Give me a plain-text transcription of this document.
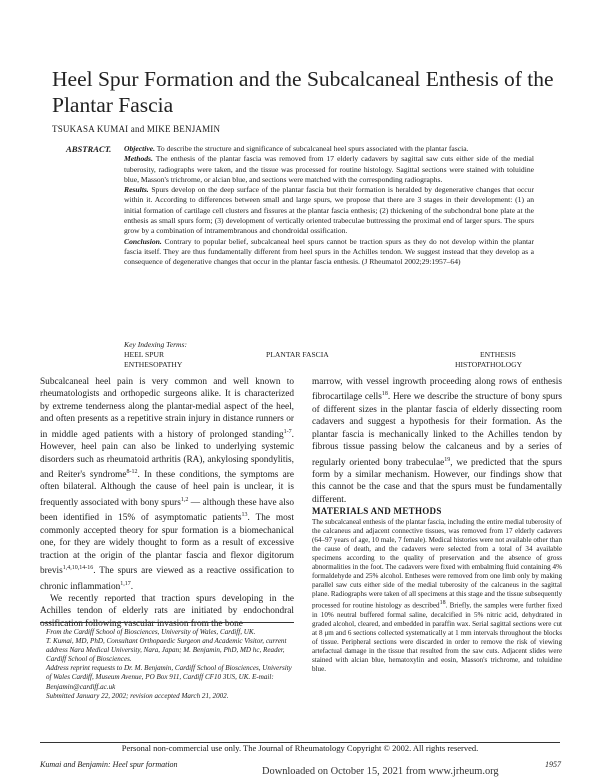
Heel Spur Formation and the Subcalcaneal Enthesis of the Plantar Fascia
TSUKASA KUMAI and MIKE BENJAMIN
ABSTRACT. Objective. To describe the structure and significance of subcalcaneal heel spurs associated with the plantar fascia.

Methods. The enthesis of the plantar fascia was removed from 17 elderly cadavers by sagittal saw cuts either side of the medial tuberosity, radiographs were taken, and the tissue was processed for routine histology. Sagittal sections were stained with toluidine blue, Masson's trichrome, or alcian blue, and sections were matched with the corresponding radiographs.

Results. Spurs develop on the deep surface of the plantar fascia but their formation is heralded by degenerative changes that occur within it. According to differences between small and large spurs, we propose that there are 3 stages in their development: (1) an initial formation of cartilage cell clusters and fissures at the plantar fascia enthesis; (2) thickening of the subchondral bone plate at the enthesis as small spurs form; (3) development of vertically oriented trabeculae buttressing the proximal end of larger spurs. The spurs grow by a combination of intramembranous and chondroidal ossification.

Conclusion. Contrary to popular belief, subcalcaneal heel spurs cannot be traction spurs as they do not develop within the plantar fascia itself. They are thus fundamentally different from heel spurs in the Achilles tendon. We suggest instead that they develop as a consequence of degenerative changes that occur in the plantar fascia enthesis. (J Rheumatol 2002;29:1957–64)

Key Indexing Terms:
HEEL SPUR	PLANTAR FASCIA	ENTHESIS
ENTHESOPATHY	HISTOPATHOLOGY

Subcalcaneal heel pain is very common and well known to rheumatologists and orthopedic surgeons alike. It is characterized by extreme tenderness along the plantar-medial aspect of the heel, and often presents as a repetitive strain injury in distance runners or in middle aged patients with a history of prolonged standing$^{1-7}$. However, heel pain can also be linked to underlying systemic disorders such as rheumatoid arthritis (RA), ankylosing spondylitis, and Reiter's syndrome$^{8-12}$. In these conditions, the symptoms are often bilateral. Although the cause of heel pain is unclear, it is frequently associated with bony spurs$^{1,2}$ — although these have also been identified in 15% of asymptomatic patients$^{13}$. The most commonly accepted theory for spur formation is a biomechanical one, for they are widely thought to form as a result of excessive traction at the origin of the plantar fascia and flexor digitorum brevis$^{1,4,10,14-16}$. The spurs are viewed as a reactive ossification to chronic inflammation$^{1,17}$.

We recently reported that traction spurs developing in the Achilles tendon of elderly rats are initiated by endochondral ossification following vascular invasion from the bone

From the Cardiff School of Biosciences, University of Wales, Cardiff, UK.
T. Kumai, MD, PhD, Consultant Orthopaedic Surgeon and Academic Visitor, current address Nara Medical University, Nara, Japan; M. Benjamin, PhD, MD hc, Reader, Cardiff School of Biosciences.
Address reprint requests to Dr. M. Benjamin, Cardiff School of Biosciences, University of Wales Cardiff, Museum Avenue, PO Box 911, Cardiff CF10 3US, UK. E-mail: Benjamin@cardiff.ac.uk
Submitted January 22, 2002; revision accepted March 21, 2002.

marrow, with vessel ingrowth proceeding along rows of enthesis fibrocartilage cells$^{18}$. Here we describe the structure of bony spurs of different sizes in the plantar fascia of elderly dissecting room cadavers and suggest a hypothesis for their formation. As the plantar fascia is mechanically linked to the Achilles tendon by fibrous tissue passing below the calcaneus and by a series of regularly oriented bony trabeculae$^{19}$, we predicted that the spurs form by a similar mechanism. However, our findings show that this cannot be the case and that the spurs must be fundamentally different.

MATERIALS AND METHODS

The subcalcaneal enthesis of the plantar fascia, including the entire medial tuberosity of the calcaneus and adjacent connective tissues, was removed from 17 elderly cadavers (64–97 years of age, 10 male, 7 female). Medical histories were not available other than the cause of death, and the cadavers were selected from a total of 34 available specimens according to the quality of preservation and the absence of gross abnormalities in the foot. The cadavers were fixed with embalming fluid containing 4% formaldehyde and 25% alcohol. Entheses were removed from one limb only by making parallel saw cuts either side of the medial tuberosity of the calcaneus in the sagittal plane. Radiographs were taken of all specimens at this stage and the tissue subsequently processed for routine histology as described$^{18}$. Briefly, the samples were further fixed in 10% neutral buffered formal saline, decalcified in 5% nitric acid, dehydrated in graded alcohol, cleared, and embedded in paraffin wax. Serial sagittal sections were cut at 8 μm and 6 sections collected systematically at 1 mm intervals throughout the blocks of tissue. Peripheral sections were discarded in order to remove the risk of viewing artefactual damage in the tissue that resulted from the saw cuts. Adjacent slides were stained with alcian blue, hematoxylin and eosin, Masson's trichrome, and toluidine blue.

Personal non-commercial use only. The Journal of Rheumatology Copyright © 2002. All rights reserved.
Kumai and Benjamin: Heel spur formation	1957
Downloaded on October 15, 2021 from www.jrheum.org
